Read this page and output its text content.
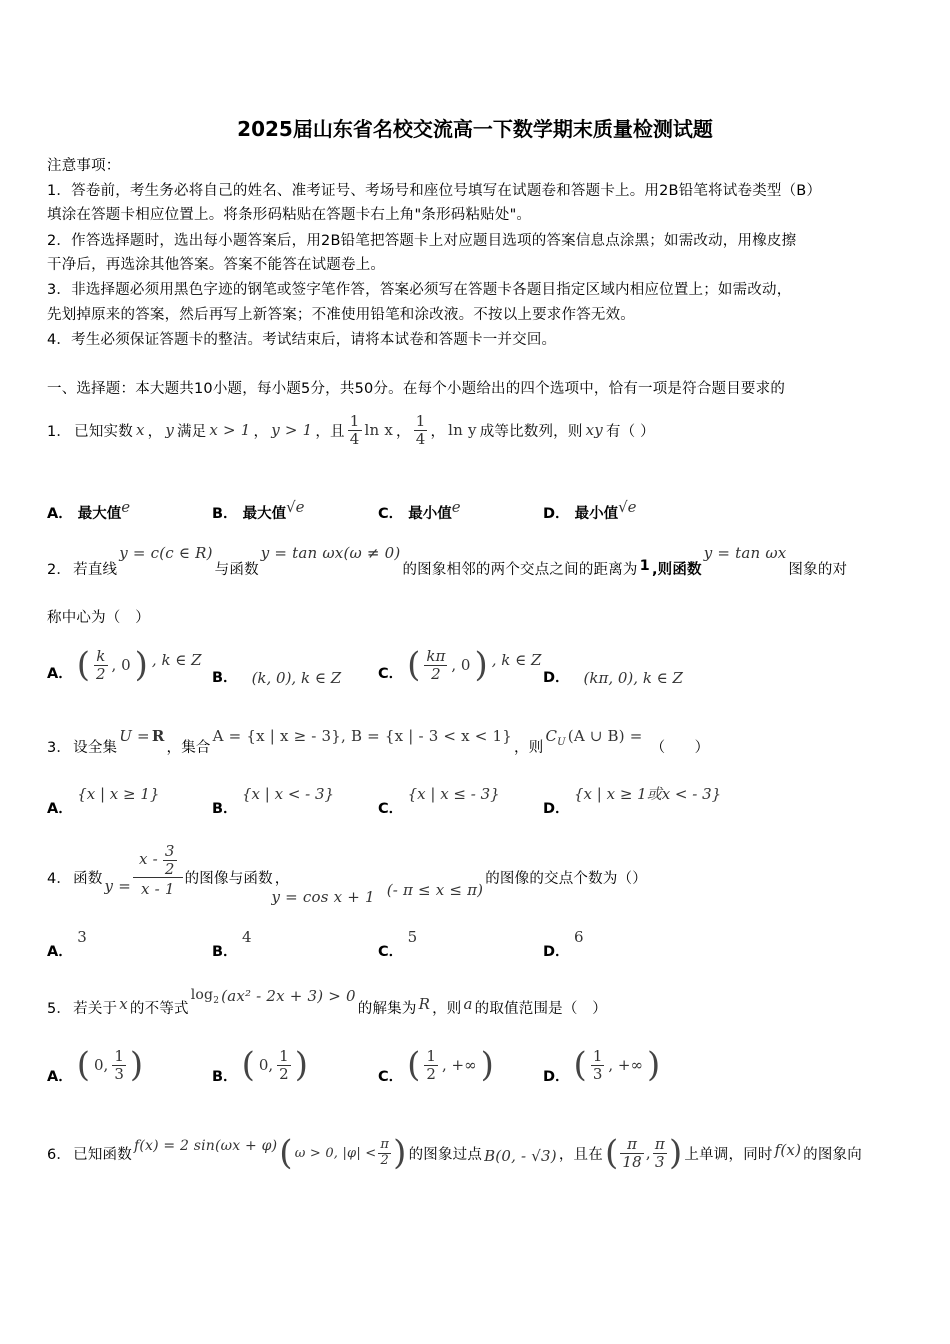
2025届山东省名校交流高一下数学期末质量检测试题
注意事项：
1．答卷前，考生务必将自己的姓名、准考证号、考场号和座位号填写在试题卷和答题卡上。用2B铅笔将试卷类型（B）
填涂在答题卡相应位置上。将条形码粘贴在答题卡右上角"条形码粘贴处"。
2．作答选择题时，选出每小题答案后，用2B铅笔把答题卡上对应题目选项的答案信息点涂黑；如需改动，用橡皮擦
干净后，再选涂其他答案。答案不能答在试题卷上。
3．非选择题必须用黑色字迹的钢笔或签字笔作答，答案必须写在答题卡各题目指定区域内相应位置上；如需改动，
先划掉原来的答案，然后再写上新答案；不准使用铅笔和涂改液。不按以上要求作答无效。
4．考生必须保证答题卡的整洁。考试结束后，请将本试卷和答题卡一并交回。
一、选择题：本大题共10小题，每小题5分，共50分。在每个小题给出的四个选项中，恰有一项是符合题目要求的
1． 已知实数 x ， y 满足 x > 1 ， y > 1 ，且 $\frac{1}{4}$ ln x ， $\frac{1}{4}$ ， ln y 成等比数列，则 xy 有（ ）
A． 最大值e	B． 最大值√e	C． 最小值e	D． 最小值√e
2． 若直线
y = c(c ∈ R)
与函数
y = tan ωx(ω ≠ 0)
的图象相邻的两个交点之间的距离为 1 ,则函数
y = tan ωx
图象的对
称中心为（　）
A． ( $\frac{k}{2}$ , 0 ) , k ∈ Z
B． (k, 0), k ∈ Z	C． ( $\frac{k\pi}{2}$ , 0 ) , k ∈ Z
D． (kπ, 0), k ∈ Z
3． 设全集
U = R
，集合
A = {x | x ≥ - 3}, B = {x | - 3 < x < 1}
，则
$C_U$ (A ∪ B) =
（　　）
A． {x | x ≥ 1}
B． {x | x < - 3}
C． {x | x ≤ - 3}
D． {x | x ≥ 1或x < - 3}
4． 函数 $y = \frac{x - \frac{3}{2}}{x - 1}$ 的图像与函数 ，
y = cos x + 1 (- π ≤ x ≤ π)
的图像的交点个数为（）
A． 3
B． 4
C． 5
D． 6
5． 若关于 x 的不等式
$\log_2 (ax^2 - 2x + 3) > 0$
的解集为 R ，则 a 的取值范围是（　）
A． ( 0, $\frac{1}{3}$ )	B． ( 0, $\frac{1}{2}$ )	C． ( $\frac{1}{2}$ , +∞ )	D． ( $\frac{1}{3}$ , +∞ )
6． 已知函数
f(x) = 2 sin(ωx + φ) ( ω > 0, $|\varphi| < \frac{\pi}{2}$ ) 的图象过点 B(0, - √3) ，且在 ( $\frac{\pi}{18}$ , $\frac{\pi}{3}$ ) 上单调，同时 f(x) 的图象向
